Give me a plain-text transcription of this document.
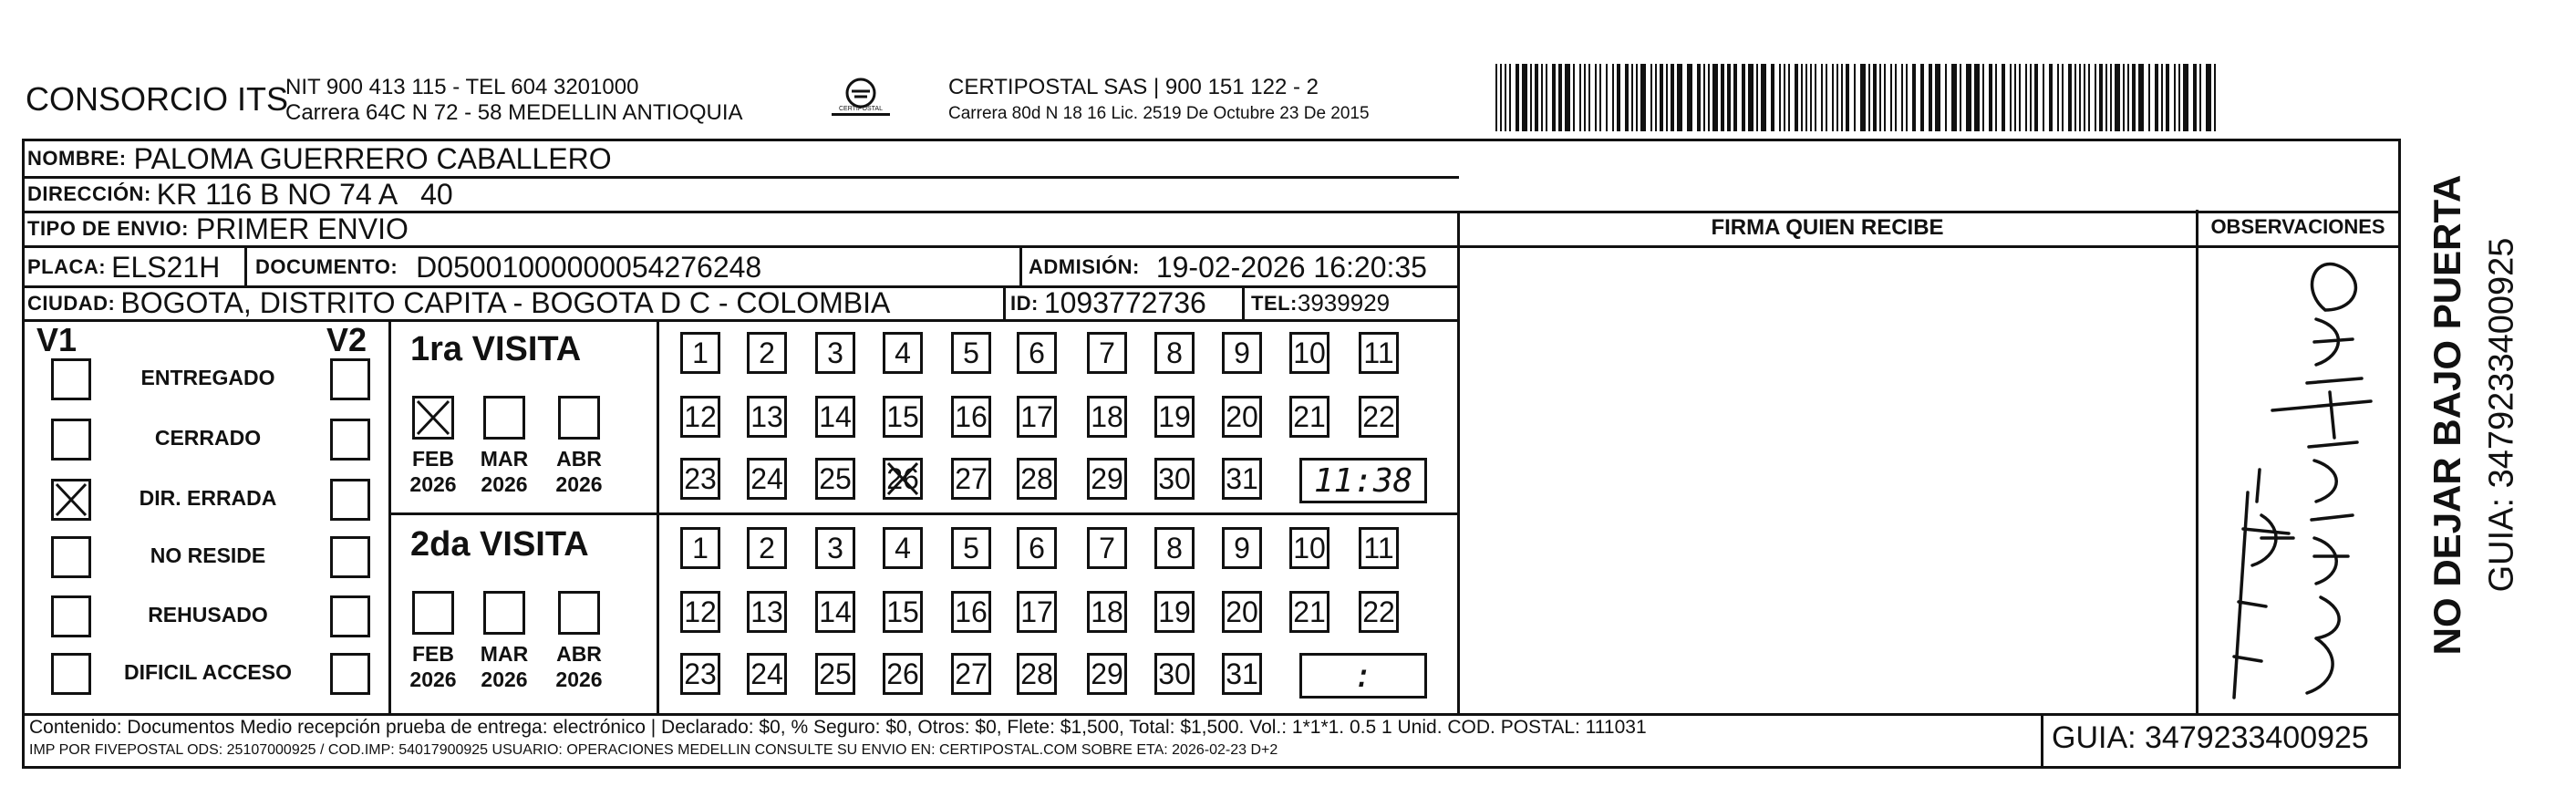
CONSORCIO ITS
NIT 900 413 115 - TEL 604 3201000
Carrera 64C N 72 - 58 MEDELLIN ANTIOQUIA	CERTIPOSTAL
CERTIPOSTAL SAS | 900 151 122 - 2
Carrera 80d N 18 16 Lic. 2519 De Octubre 23 De 2015
NOMBRE: PALOMA GUERRERO CABALLERO
DIRECCIÓN: KR 116 B NO 74 A   40
TIPO DE ENVIO: PRIMER ENVIO
PLACA: ELS21H DOCUMENTO: D05001000000054276248	ADMISIÓN: 19-02-2026 16:20:35
CIUDAD: BOGOTA, DISTRITO CAPITA - BOGOTA D C - COLOMBIA	ID: 1093772736 TEL: 3939929
V1	V2
ENTREGADO
CERRADO
DIR. ERRADA
NO RESIDE
REHUSADO
DIFICIL ACCESO
1ra VISITA
FEB
2026
MAR
2026
ABR
2026
1	2	3	4	5	6	7	8	9	10 11
12 13 14 15 16 17 18 19 20 21 22
23 24 25 26 27 28 29 30 31	11:38
2da VISITA
FEB
2026
MAR
2026
ABR
2026
1	2	3	4	5	6	7	8	9	10 11
12 13 14 15 16 17 18 19 20 21 22
23 24 25 26 27 28 29 30 31	:
FIRMA QUIEN RECIBE	OBSERVACIONES
Contenido: Documentos Medio recepción prueba de entrega: electrónico | Declarado: $0, % Seguro: $0, Otros: $0, Flete: $1,500, Total: $1,500. Vol.: 1*1*1. 0.5 1 Unid. COD. POSTAL: 111031
IMP POR FIVEPOSTAL ODS: 25107000925 / COD.IMP: 54017900925 USUARIO: OPERACIONES MEDELLIN CONSULTE SU ENVIO EN: CERTIPOSTAL.COM SOBRE ETA: 2026-02-23 D+2	GUIA: 3479233400925
NO DEJAR BAJO PUERTA GUIA: 3479233400925
